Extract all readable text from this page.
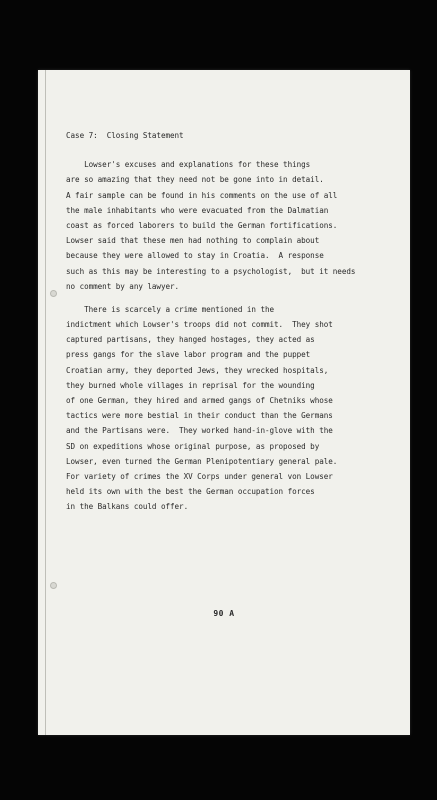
Case 7:  Closing Statement
Lowser's excuses and explanations for these things
are so amazing that they need not be gone into in detail.
A fair sample can be found in his comments on the use of all
the male inhabitants who were evacuated from the Dalmatian
coast as forced laborers to build the German fortifications.
Lowser said that these men had nothing to complain about
because they were allowed to stay in Croatia.  A response
such as this may be interesting to a psychologist,  but it needs
no comment by any lawyer.
There is scarcely a crime mentioned in the
indictment which Lowser's troops did not commit.  They shot
captured partisans, they hanged hostages, they acted as
press gangs for the slave labor program and the puppet
Croatian army, they deported Jews, they wrecked hospitals,
they burned whole villages in reprisal for the wounding
of one German, they hired and armed gangs of Chetniks whose
tactics were more bestial in their conduct than the Germans
and the Partisans were.  They worked hand-in-glove with the
SD on expeditions whose original purpose, as proposed by
Lowser, even turned the German Plenipotentiary general pale.
For variety of crimes the XV Corps under general von Lowser
held its own with the best the German occupation forces
in the Balkans could offer.
90 A
